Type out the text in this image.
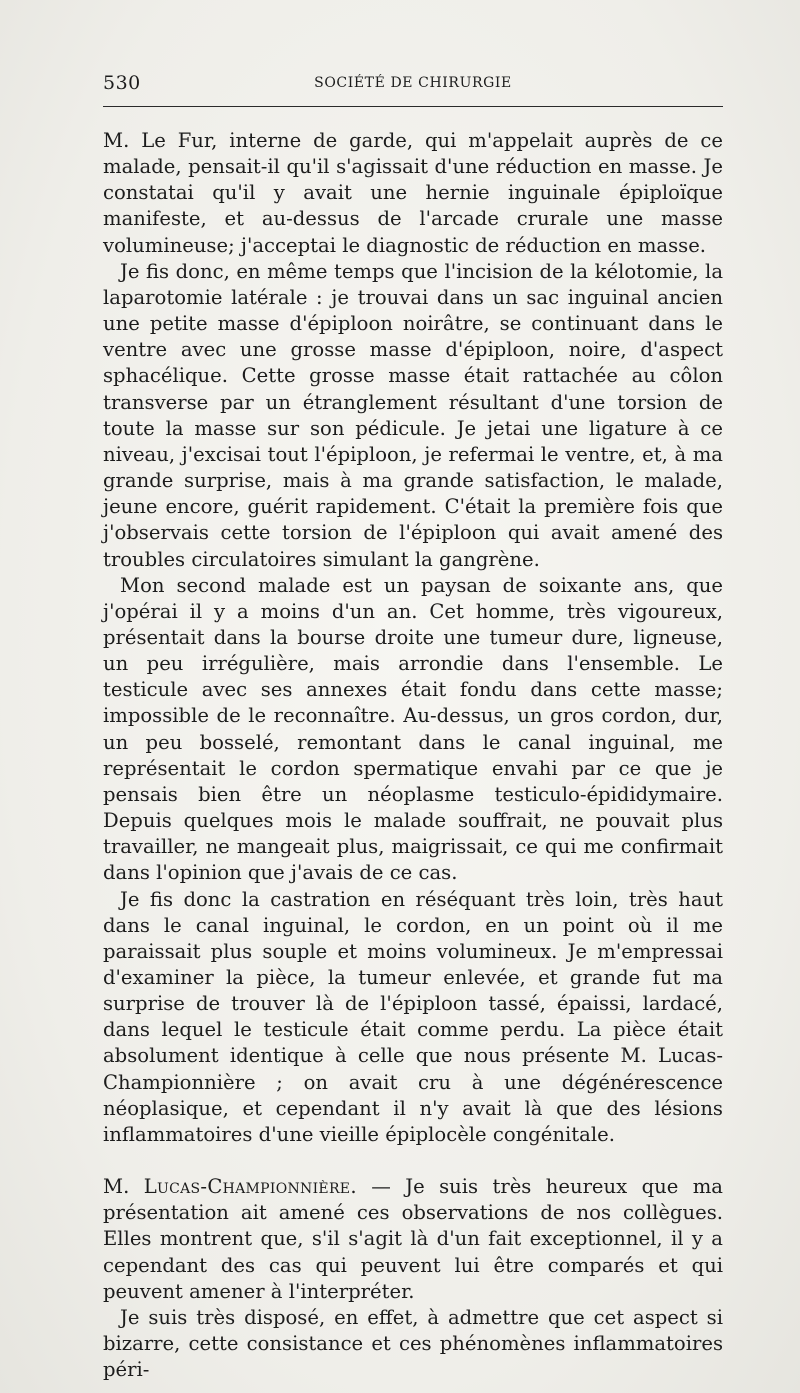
530	SOCIÉTÉ DE CHIRURGIE

M. Le Fur, interne de garde, qui m'appelait auprès de ce malade, pensait-il qu'il s'agissait d'une réduction en masse. Je constatai qu'il y avait une hernie inguinale épiploïque manifeste, et au-dessus de l'arcade crurale une masse volumineuse; j'acceptai le diagnostic de réduction en masse.

Je fis donc, en même temps que l'incision de la kélotomie, la laparotomie latérale : je trouvai dans un sac inguinal ancien une petite masse d'épiploon noirâtre, se continuant dans le ventre avec une grosse masse d'épiploon, noire, d'aspect sphacélique. Cette grosse masse était rattachée au côlon transverse par un étranglement résultant d'une torsion de toute la masse sur son pédicule. Je jetai une ligature à ce niveau, j'excisai tout l'épiploon, je refermai le ventre, et, à ma grande surprise, mais à ma grande satisfaction, le malade, jeune encore, guérit rapidement. C'était la première fois que j'observais cette torsion de l'épiploon qui avait amené des troubles circulatoires simulant la gangrène.

Mon second malade est un paysan de soixante ans, que j'opérai il y a moins d'un an. Cet homme, très vigoureux, présentait dans la bourse droite une tumeur dure, ligneuse, un peu irrégulière, mais arrondie dans l'ensemble. Le testicule avec ses annexes était fondu dans cette masse; impossible de le reconnaître. Au-dessus, un gros cordon, dur, un peu bosselé, remontant dans le canal inguinal, me représentait le cordon spermatique envahi par ce que je pensais bien être un néoplasme testiculo-épididymaire. Depuis quelques mois le malade souffrait, ne pouvait plus travailler, ne mangeait plus, maigrissait, ce qui me confirmait dans l'opinion que j'avais de ce cas.

Je fis donc la castration en réséquant très loin, très haut dans le canal inguinal, le cordon, en un point où il me paraissait plus souple et moins volumineux. Je m'empressai d'examiner la pièce, la tumeur enlevée, et grande fut ma surprise de trouver là de l'épiploon tassé, épaissi, lardacé, dans lequel le testicule était comme perdu. La pièce était absolument identique à celle que nous présente M. Lucas-Championnière ; on avait cru à une dégénérescence néoplasique, et cependant il n'y avait là que des lésions inflammatoires d'une vieille épiplocèle congénitale.

M. Lucas-Championnière. — Je suis très heureux que ma présentation ait amené ces observations de nos collègues. Elles montrent que, s'il s'agit là d'un fait exceptionnel, il y a cependant des cas qui peuvent lui être comparés et qui peuvent amener à l'interpréter.

Je suis très disposé, en effet, à admettre que cet aspect si bizarre, cette consistance et ces phénomènes inflammatoires péri-
